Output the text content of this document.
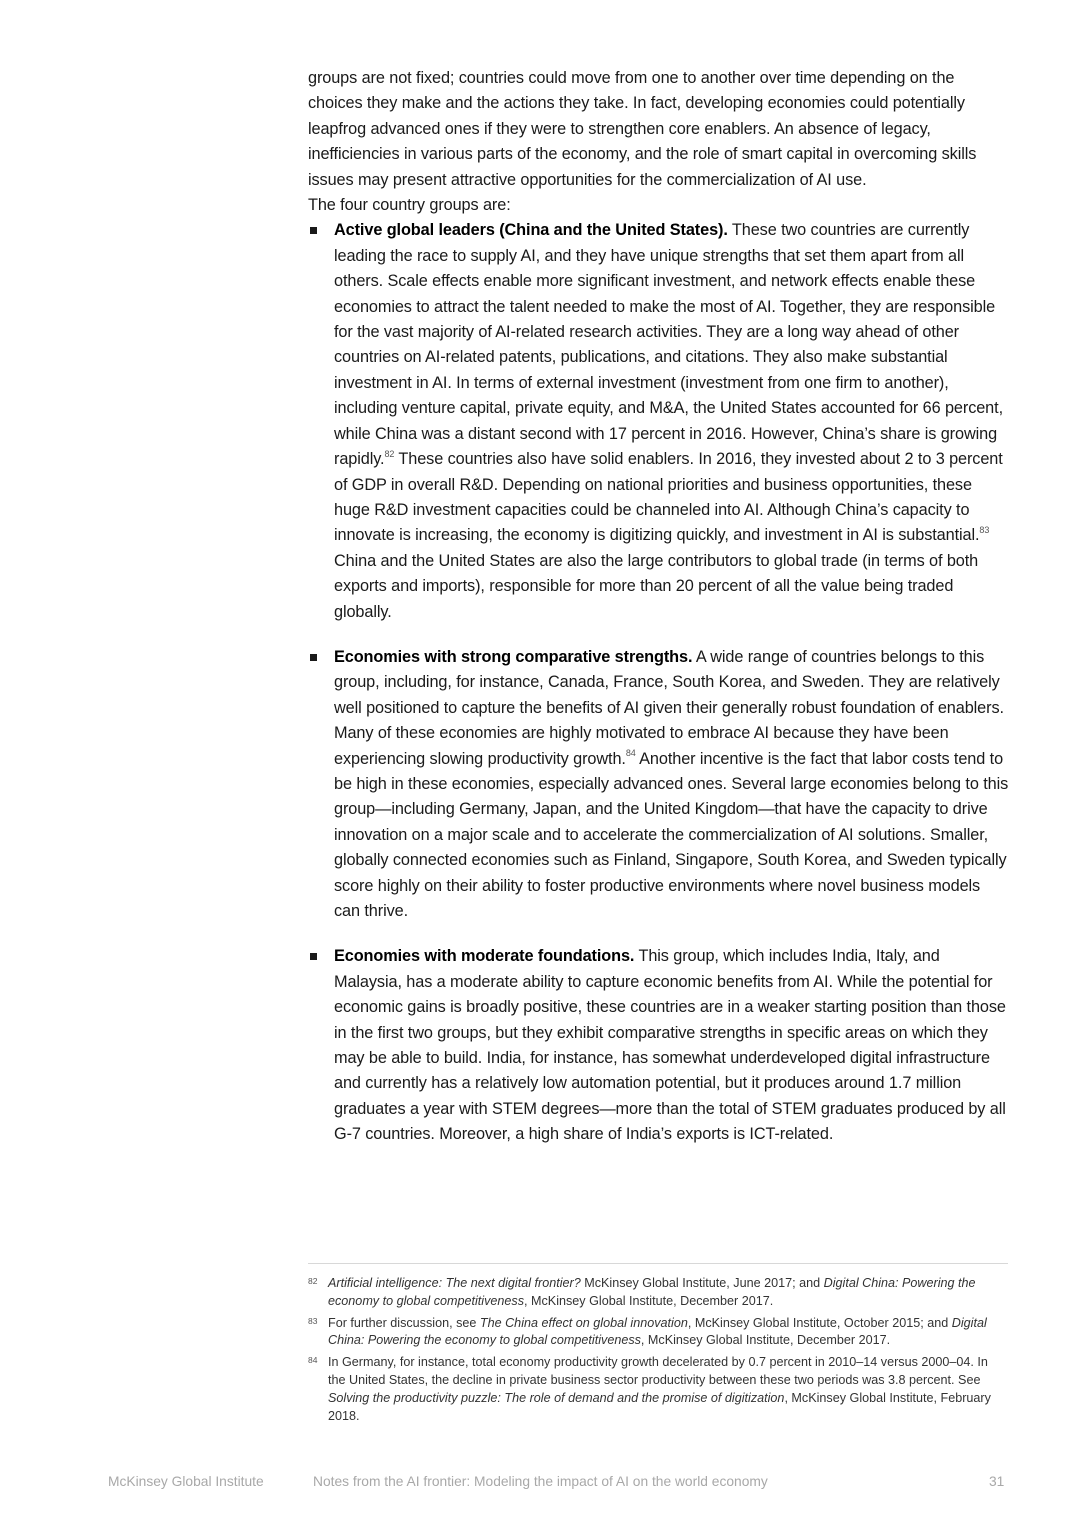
groups are not fixed; countries could move from one to another over time depending on the choices they make and the actions they take. In fact, developing economies could potentially leapfrog advanced ones if they were to strengthen core enablers. An absence of legacy, inefficiencies in various parts of the economy, and the role of smart capital in overcoming skills issues may present attractive opportunities for the commercialization of AI use.

The four country groups are:

Active global leaders (China and the United States). These two countries are currently leading the race to supply AI, and they have unique strengths that set them apart from all others. Scale effects enable more significant investment, and network effects enable these economies to attract the talent needed to make the most of AI. Together, they are responsible for the vast majority of AI-related research activities. They are a long way ahead of other countries on AI-related patents, publications, and citations. They also make substantial investment in AI. In terms of external investment (investment from one firm to another), including venture capital, private equity, and M&A, the United States accounted for 66 percent, while China was a distant second with 17 percent in 2016. However, China’s share is growing rapidly.$^{82}$ These countries also have solid enablers. In 2016, they invested about 2 to 3 percent of GDP in overall R&D. Depending on national priorities and business opportunities, these huge R&D investment capacities could be channeled into AI. Although China’s capacity to innovate is increasing, the economy is digitizing quickly, and investment in AI is substantial.$^{83}$ China and the United States are also the large contributors to global trade (in terms of both exports and imports), responsible for more than 20 percent of all the value being traded globally.
Economies with strong comparative strengths. A wide range of countries belongs to this group, including, for instance, Canada, France, South Korea, and Sweden. They are relatively well positioned to capture the benefits of AI given their generally robust foundation of enablers. Many of these economies are highly motivated to embrace AI because they have been experiencing slowing productivity growth.$^{84}$ Another incentive is the fact that labor costs tend to be high in these economies, especially advanced ones. Several large economies belong to this group—including Germany, Japan, and the United Kingdom—that have the capacity to drive innovation on a major scale and to accelerate the commercialization of AI solutions. Smaller, globally connected economies such as Finland, Singapore, South Korea, and Sweden typically score highly on their ability to foster productive environments where novel business models can thrive.
Economies with moderate foundations. This group, which includes India, Italy, and Malaysia, has a moderate ability to capture economic benefits from AI. While the potential for economic gains is broadly positive, these countries are in a weaker starting position than those in the first two groups, but they exhibit comparative strengths in specific areas on which they may be able to build. India, for instance, has somewhat underdeveloped digital infrastructure and currently has a relatively low automation potential, but it produces around 1.7 million graduates a year with STEM degrees—more than the total of STEM graduates produced by all G-7 countries. Moreover, a high share of India’s exports is ICT-related.
82 Artificial intelligence: The next digital frontier? McKinsey Global Institute, June 2017; and Digital China: Powering the economy to global competitiveness, McKinsey Global Institute, December 2017.
83 For further discussion, see The China effect on global innovation, McKinsey Global Institute, October 2015; and Digital China: Powering the economy to global competitiveness, McKinsey Global Institute, December 2017.
84 In Germany, for instance, total economy productivity growth decelerated by 0.7 percent in 2010–14 versus 2000–04. In the United States, the decline in private business sector productivity between these two periods was 3.8 percent. See Solving the productivity puzzle: The role of demand and the promise of digitization, McKinsey Global Institute, February 2018.
McKinsey Global Institute	Notes from the AI frontier: Modeling the impact of AI on the world economy	31
